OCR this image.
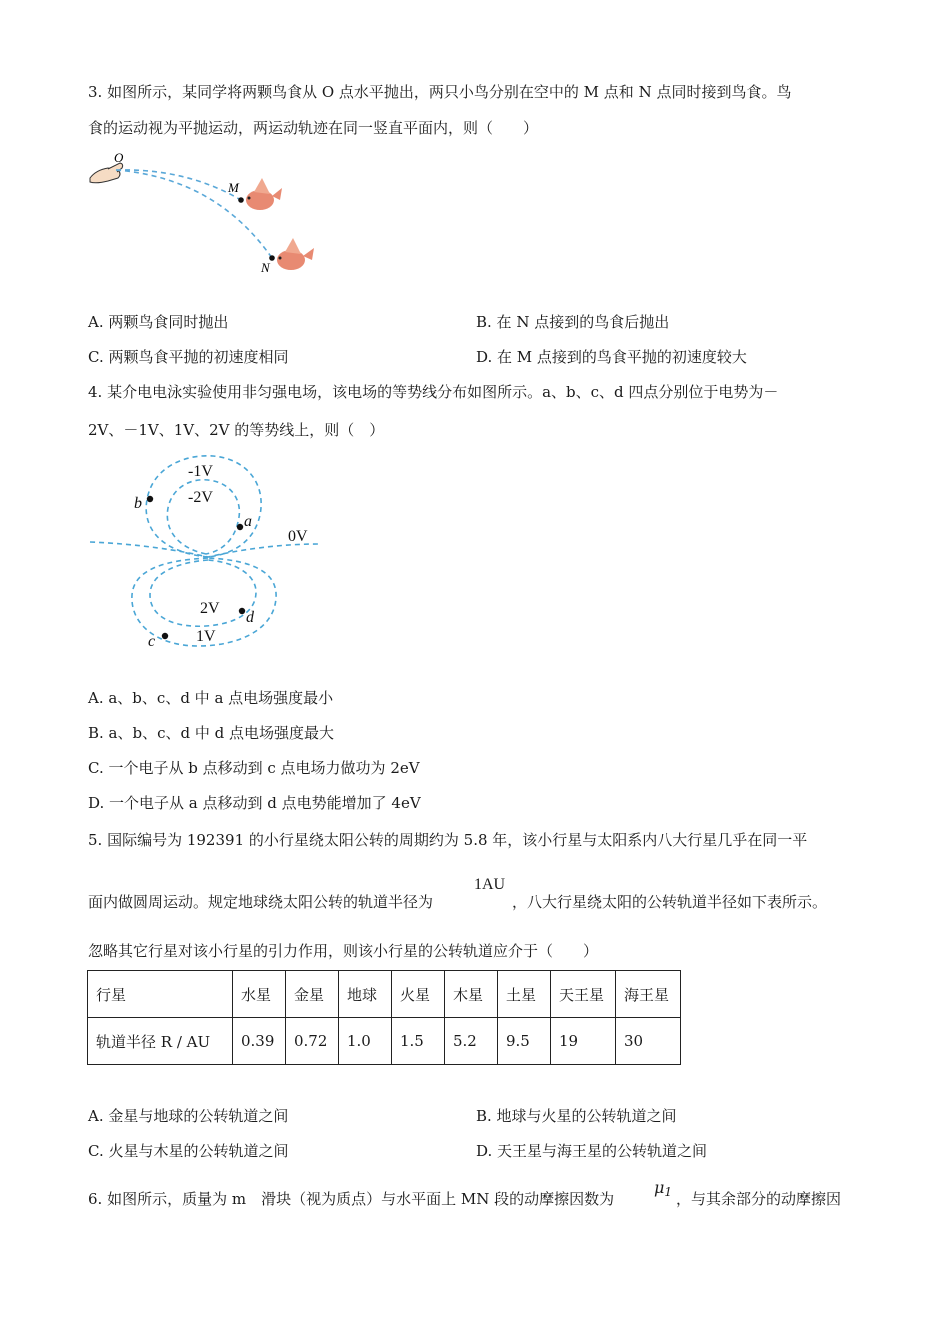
3. 如图所示，某同学将两颗鸟食从 O 点水平抛出，两只小鸟分别在空中的 M 点和 N 点同时接到鸟食。鸟
食的运动视为平抛运动，两运动轨迹在同一竖直平面内，则（　　）
O
M
N
A. 两颗鸟食同时抛出	B. 在 N 点接到的鸟食后抛出
C. 两颗鸟食平抛的初速度相同	D. 在 M 点接到的鸟食平抛的初速度较大
4. 某介电电泳实验使用非匀强电场，该电场的等势线分布如图所示。a、b、c、d 四点分别位于电势为－
2V、－1V、1V、2V 的等势线上，则（　）
-1V
-2V
0V
2V
1V
a
b
c
d
A. a、b、c、d 中 a 点电场强度最小
B. a、b、c、d 中 d 点电场强度最大
C. 一个电子从 b 点移动到 c 点电场力做功为 2eV
D. 一个电子从 a 点移动到 d 点电势能增加了 4eV
5. 国际编号为 192391 的小行星绕太阳公转的周期约为 5.8 年，该小行星与太阳系内八大行星几乎在同一平
面内做圆周运动。规定地球绕太阳公转的轨道半径为
1AU
，八大行星绕太阳的公转轨道半径如下表所示。
忽略其它行星对该小行星的引力作用，则该小行星的公转轨道应介于（　　）
行星	水星	金星	地球	火星	木星	土星	天王星	海王星
轨道半径 R / AU	0.39	0.72	1.0	1.5	5.2	9.5	19	30
A. 金星与地球的公转轨道之间	B. 地球与火星的公转轨道之间
C. 火星与木星的公转轨道之间	D. 天王星与海王星的公转轨道之间
6. 如图所示，质量为 m　滑块（视为质点）与水平面上 MN 段的动摩擦因数为
$\mu_1$ ，与其余部分的动摩擦因
